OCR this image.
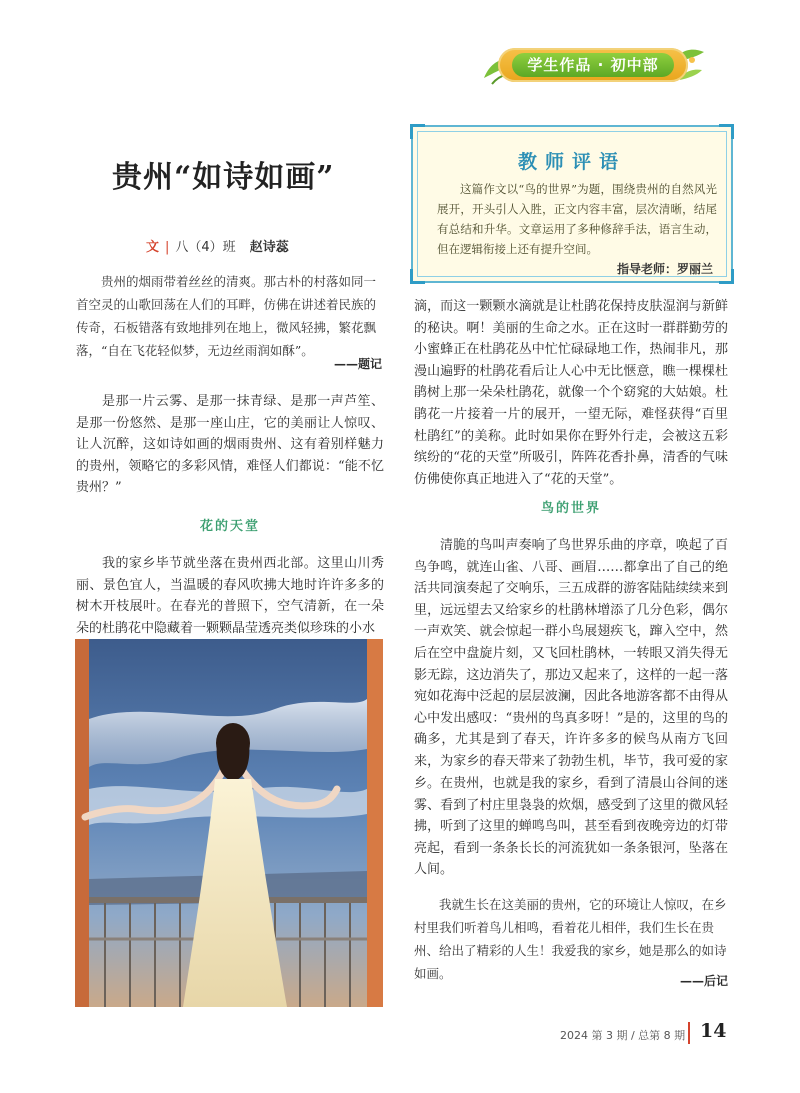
学生作品 · 初中部
贵州“如诗如画”
文 | 八（4）班 赵诗蕊
贵州的烟雨带着丝丝的清爽。那古朴的村落如同一首空灵的山歌回荡在人们的耳畔，仿佛在讲述着民族的传奇，石板错落有致地排列在地上，微风轻拂，繁花飘落，“自在飞花轻似梦，无边丝雨润如酥”。
——题记
是那一片云雾、是那一抹青绿、是那一声芦笙、是那一份悠然、是那一座山庄，它的美丽让人惊叹、让人沉醉，这如诗如画的烟雨贵州、这有着别样魅力的贵州，领略它的多彩风情，难怪人们都说：“能不忆贵州？”
花的天堂
我的家乡毕节就坐落在贵州西北部。这里山川秀丽、景色宜人，当温暖的春风吹拂大地时许许多多的树木开枝展叶。在春光的普照下，空气清新，在一朵朵的杜鹃花中隐藏着一颗颗晶莹透亮类似珍珠的小水
教师评语
这篇作文以“鸟的世界”为题，围绕贵州的自然风光展开，开头引人入胜，正文内容丰富，层次清晰，结尾有总结和升华。文章运用了多种修辞手法，语言生动，但在逻辑衔接上还有提升空间。
指导老师：罗丽兰
滴，而这一颗颗水滴就是让杜鹃花保持皮肤湿润与新鲜的秘诀。啊！美丽的生命之水。正在这时一群群勤劳的小蜜蜂正在杜鹃花丛中忙忙碌碌地工作，热闹非凡，那漫山遍野的杜鹃花看后让人心中无比惬意，瞧一棵棵杜鹃树上那一朵朵杜鹃花，就像一个个窈窕的大姑娘。杜鹃花一片接着一片的展开，一望无际，难怪获得“百里杜鹃红”的美称。此时如果你在野外行走，会被这五彩缤纷的“花的天堂”所吸引，阵阵花香扑鼻，清香的气味仿佛使你真正地进入了“花的天堂”。
鸟的世界
清脆的鸟叫声奏响了鸟世界乐曲的序章，唤起了百鸟争鸣，就连山雀、八哥、画眉……都拿出了自己的绝活共同演奏起了交响乐，三五成群的游客陆陆续续来到里，远远望去又给家乡的杜鹃林增添了几分色彩，偶尔一声欢笑、就会惊起一群小鸟展翅疾飞，蹿入空中，然后在空中盘旋片刻，又飞回杜鹃林，一转眼又消失得无影无踪，这边消失了，那边又起来了，这样的一起一落宛如花海中泛起的层层波澜，因此各地游客都不由得从心中发出感叹：“贵州的鸟真多呀！”是的，这里的鸟的确多，尤其是到了春天，许许多多的候鸟从南方飞回来，为家乡的春天带来了勃勃生机，毕节，我可爱的家乡。 在贵州，也就是我的家乡，看到了清晨山谷间的迷雾、看到了村庄里袅袅的炊烟，感受到了这里的微风轻拂，听到了这里的蝉鸣鸟叫，甚至看到夜晚旁边的灯带亮起，看到一条条长长的河流犹如一条条银河，坠落在人间。
我就生长在这美丽的贵州，它的环境让人惊叹，在乡村里我们听着鸟儿相鸣，看着花儿相伴，我们生长在贵州、给出了精彩的人生！我爱我的家乡，她是那么的如诗如画。	——后记
2024 第 3 期 / 总第 8 期 14
